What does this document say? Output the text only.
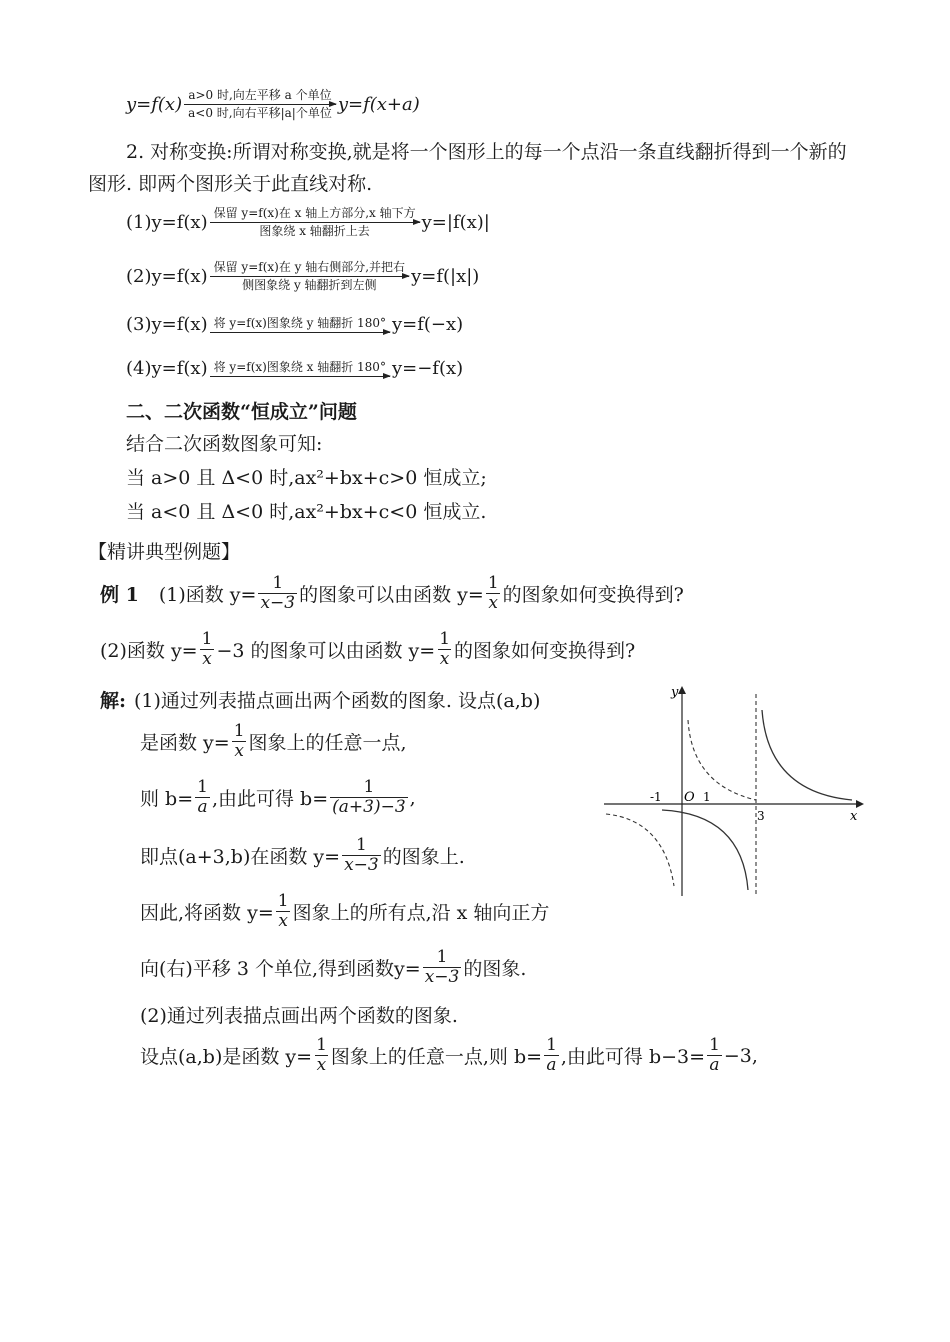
y=f(x) a>0 时,向左平移 a 个单位
a<0 时,向右平移|a|个单位 y=f(x+a)
2. 对称变换:所谓对称变换,就是将一个图形上的每一个点沿一条直线翻折得到一个新的
图形. 即两个图形关于此直线对称.
(1)y=f(x) 保留 y=f(x)在 x 轴上方部分,x 轴下方
图象绕 x 轴翻折上去	y=|f(x)|
(2)y=f(x) 保留 y=f(x)在 y 轴右侧部分,并把右
侧图象绕 y 轴翻折到左侧 y=f(|x|)
(3)y=f(x) 将 y=f(x)图象绕 y 轴翻折 180° y=f(−x)
(4)y=f(x) 将 y=f(x)图象绕 x 轴翻折 180° y=−f(x)
二、二次函数“恒成立”问题
结合二次函数图象可知:
当 a>0 且 Δ<0 时,ax²+bx+c>0 恒成立;
当 a<0 且 Δ<0 时,ax²+bx+c<0 恒成立.
【精讲典型例题】
例 1 (1)函数 $y= \frac{1}{x-3}$ 的图象可以由函数 $y= \frac{1}{x}$ 的图象如何变换得到?
(2)函数 $y= \frac{1}{x} -3$ 的图象可以由函数 $y= \frac{1}{x}$ 的图象如何变换得到?
解: (1)通过列表描点画出两个函数的图象. 设点(a,b)
是函数 $y= \frac{1}{x}$ 图象上的任意一点,
则 $b= \frac{1}{a}$ ,由此可得 $b= \frac{1}{(a+3)-3}$ ,
即点(a+3,b)在函数 $y= \frac{1}{x-3}$ 的图象上.
因此,将函数 $y= \frac{1}{x}$ 图象上的所有点,沿 x 轴向正方
向(右)平移 3 个单位,得到函数$y= \frac{1}{x-3}$ 的图象.
(2)通过列表描点画出两个函数的图象.
设点(a,b)是函数 $y= \frac{1}{x}$ 图象上的任意一点,则 $b= \frac{1}{a}$ ,由此可得 $b-3= \frac{1}{a} -3$,
y
x
O
-1	1
3
